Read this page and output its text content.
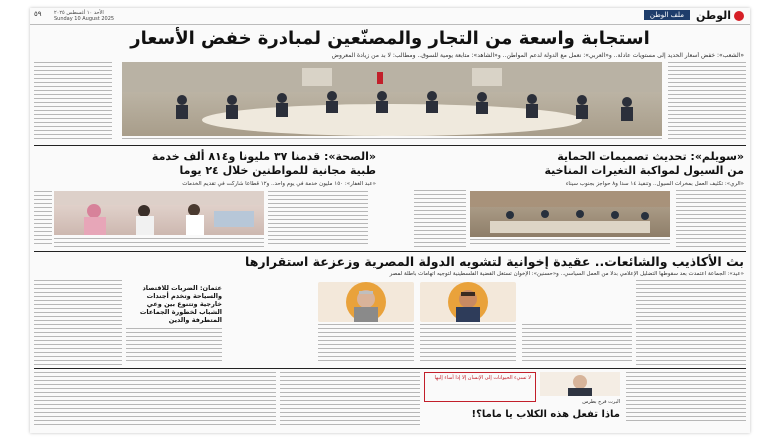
الوطن
ملف الوطن
٥٩ الأحد ١٠ أغسطس ٢٠٢٥
Sunday 10 August 2025
استجابة واسعة من التجار والمصنّعين لمبادرة خفض الأسعار
«الشعب»: خفض أسعار الحديد إلى مستويات عادلة.. و«العربي»: نعمل مع الدولة لدعم المواطن.. و«الشاهد»: متابعة يومية للسوق.. ومطالب: لا بد من زيادة المعروض
«سويلم»: تحديث تصميمات الحماية
من السيول لمواكبة التغيرات المناخية
«الري»: تكثيف العمل بمخرات السيول.. وتنفيذ ١٤ سدا و٨ حواجز بجنوب سيناء
«الصحة»: قدمنا ٣٧ مليونا و٨١٤ ألف خدمة
طبية مجانية للمواطنين خلال ٢٤ يوما
«عبد الغفار»: ١٥٠ مليون خدمة في يوم واحد.. و١٢ قطاعا شاركت في تقديم الخدمات
بث الأكاذيب والشائعات.. عقيدة إخوانية لتشويه الدولة المصرية وزعزعة استقرارها
«عيد»: الجماعة اعتمدت بعد سقوطها التضليل الإعلامي بدلا من العمل السياسي.. و«حسنين»: الإخوان تستغل القضية الفلسطينية لتوجيه اتهامات باطلة لمصر
عثمان: الضربات للاقتصاد والسياحة وتخدم أجندات خارجية وتتنوع بين وعي الشباب لخطورة الجماعات المتطرفة والدين
لا تسيء الحيوانات إلى الإنسان إلا إذا أساء إليها
ألبرت فرج بطرس
ماذا تفعل هذه الكلاب يا ماما؟!
